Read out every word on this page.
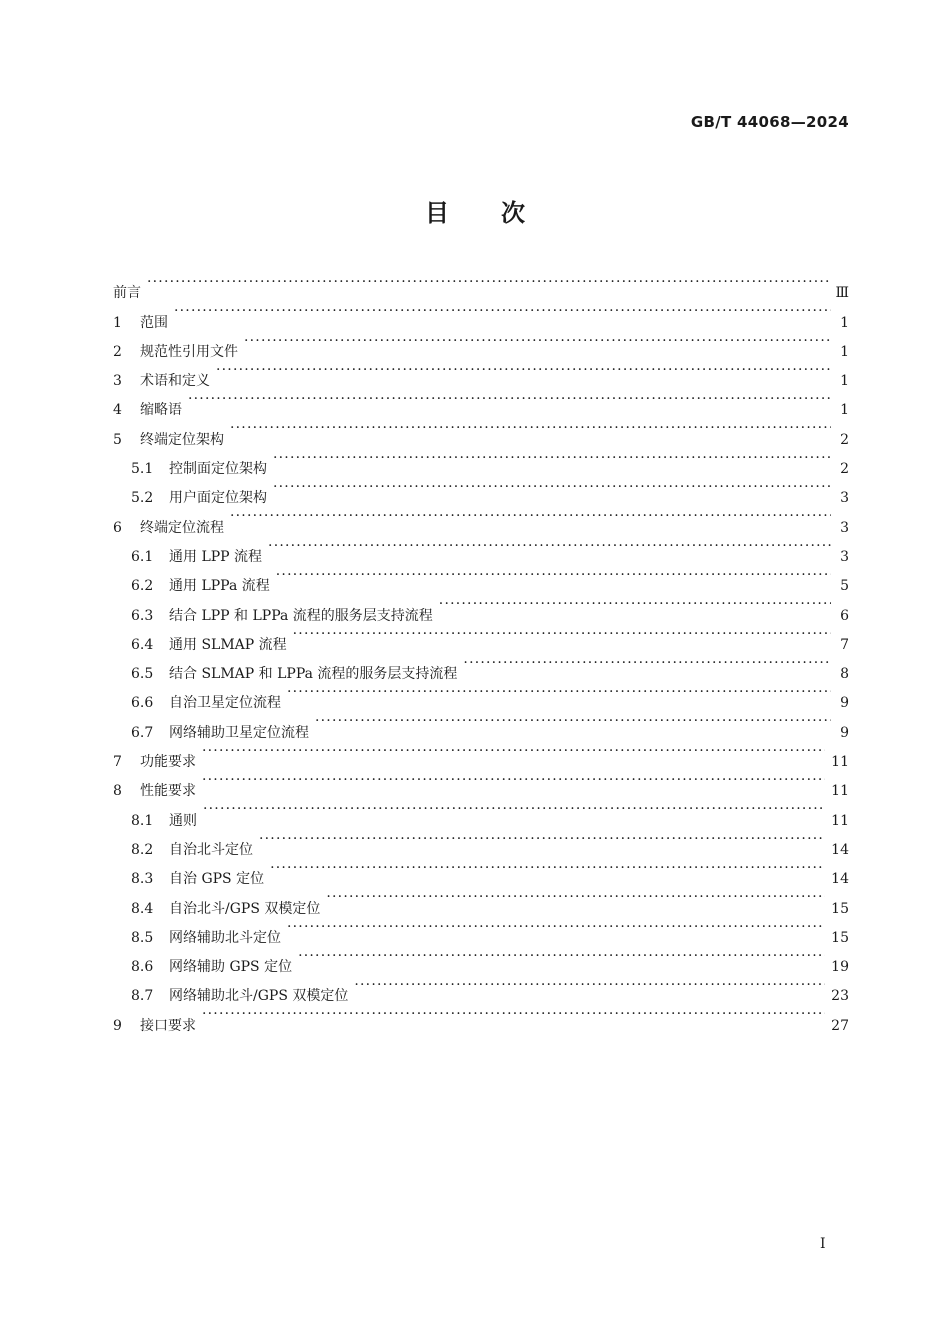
GB/T 44068—2024
目次
前言 ·····	Ⅲ
1	范围 ·····	1
2	规范性引用文件 ·····	1
3	术语和定义 ·····	1
4	缩略语 ·····	1
5	终端定位架构 ·····	2
5.1	控制面定位架构 ·····	2
5.2	用户面定位架构 ·····	3
6	终端定位流程 ·····	3
6.1	通用 LPP 流程 ·····	3
6.2	通用 LPPa 流程 ·····	5
6.3	结合 LPP 和 LPPa 流程的服务层支持流程 ·····	6
6.4	通用 SLMAP 流程 ·····	7
6.5	结合 SLMAP 和 LPPa 流程的服务层支持流程 ·····	8
6.6	自治卫星定位流程 ·····	9
6.7	网络辅助卫星定位流程 ·····	9
7	功能要求 ·····	11
8	性能要求 ·····	11
8.1	通则 ·····	11
8.2	自治北斗定位 ·····	14
8.3	自治 GPS 定位 ·····	14
8.4	自治北斗/GPS 双模定位 ·····	15
8.5	网络辅助北斗定位 ·····	15
8.6	网络辅助 GPS 定位 ·····	19
8.7	网络辅助北斗/GPS 双模定位 ·····	23
9	接口要求 ·····	27
Ⅰ
